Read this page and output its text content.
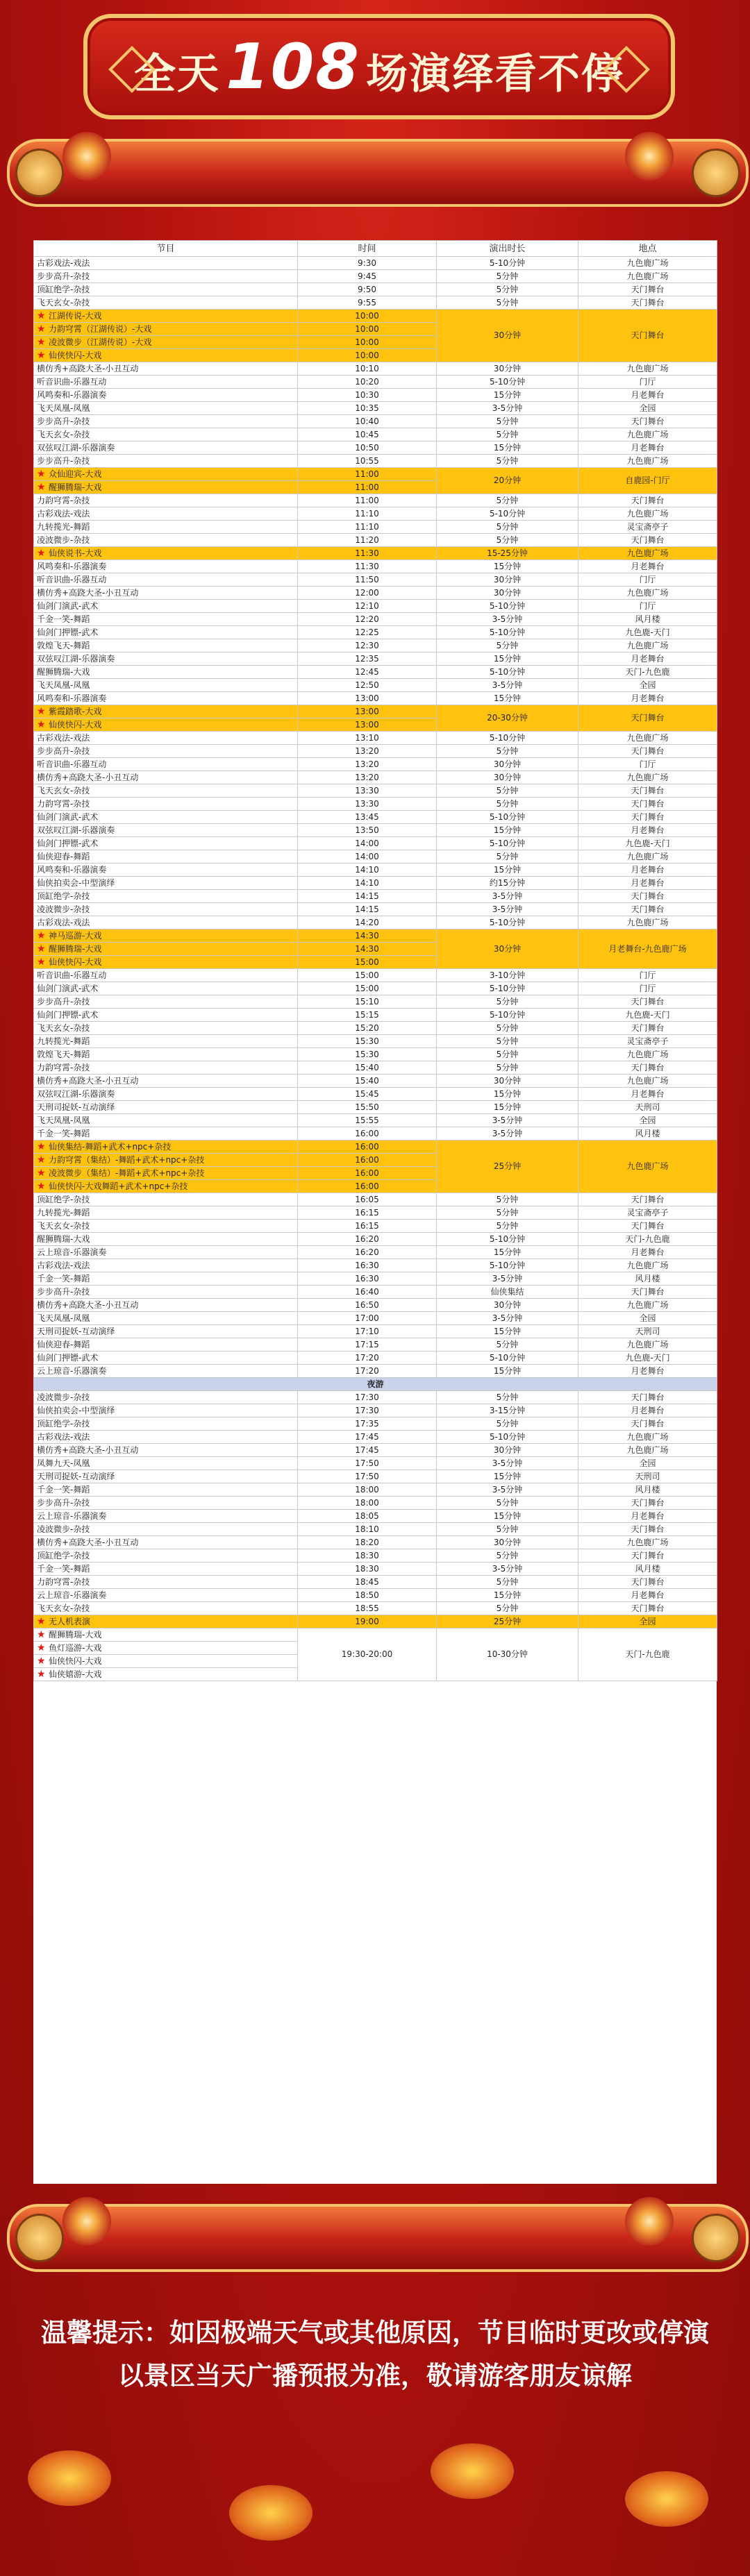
全天108 场演绎看不停
节目	时间	演出时长	地点
古彩戏法-戏法	9:30	5-10分钟	九色鹿广场
步步高升-杂技	9:45	5分钟	九色鹿广场
顶缸绝学-杂技	9:50	5分钟	天门舞台
飞天玄女-杂技	9:55	5分钟	天门舞台
★ 江湖传说-大戏	10:00	30分钟	天门舞台
★ 力韵穹霄（江湖传说）-大戏	10:00		
★ 凌波微步（江湖传说）-大戏	10:00		
★ 仙侠快闪-大戏	10:00		
横仿秀+高跷大圣-小丑互动	10:10	30分钟	九色鹿广场
听音识曲-乐器互动	10:20	5-10分钟	门厅
风鸣奏和-乐器演奏	10:30	15分钟	月老舞台
飞天凤凰-凤凰	10:35	3-5分钟	全园
步步高升-杂技	10:40	5分钟	天门舞台
飞天玄女-杂技	10:45	5分钟	九色鹿广场
双弦叹江湖-乐器演奏	10:50	15分钟	月老舞台
步步高升-杂技	10:55	5分钟	九色鹿广场
★ 众仙迎宾-大戏	11:00	20分钟	自鹿园-门厅
★ 醒狮腾瑞-大戏	11:00		
力韵穹霄-杂技	11:00	5分钟	天门舞台
古彩戏法-戏法	11:10	5-10分钟	九色鹿广场
九转揽光-舞蹈	11:10	5分钟	灵宝斋亭子
凌波微步-杂技	11:20	5分钟	天门舞台
★ 仙侠说书-大戏	11:30	15-25分钟	九色鹿广场
风鸣奏和-乐器演奏	11:30	15分钟	月老舞台
听音识曲-乐器互动	11:50	30分钟	门厅
横仿秀+高跷大圣-小丑互动	12:00	30分钟	九色鹿广场
仙剑门演武-武术	12:10	5-10分钟	门厅
千金一笑-舞蹈	12:20	3-5分钟	风月楼
仙剑门押镖-武术	12:25	5-10分钟	九色鹿-天门
敦煌飞天-舞蹈	12:30	5分钟	九色鹿广场
双弦叹江湖-乐器演奏	12:35	15分钟	月老舞台
醒狮腾瑞-大戏	12:45	5-10分钟	天门-九色鹿
飞天凤凰-凤凰	12:50	3-5分钟	全园
风鸣奏和-乐器演奏	13:00	15分钟	月老舞台
★ 紫霞踏歌-大戏	13:00	20-30分钟	天门舞台
★ 仙侠快闪-大戏	13:00		
古彩戏法-戏法	13:10	5-10分钟	九色鹿广场
步步高升-杂技	13:20	5分钟	天门舞台
听音识曲-乐器互动	13:20	30分钟	门厅
横仿秀+高跷大圣-小丑互动	13:20	30分钟	九色鹿广场
飞天玄女-杂技	13:30	5分钟	天门舞台
力韵穹霄-杂技	13:30	5分钟	天门舞台
仙剑门演武-武术	13:45	5-10分钟	天门舞台
双弦叹江湖-乐器演奏	13:50	15分钟	月老舞台
仙剑门押镖-武术	14:00	5-10分钟	九色鹿-天门
仙侠迎春-舞蹈	14:00	5分钟	九色鹿广场
风鸣奏和-乐器演奏	14:10	15分钟	月老舞台
仙侠拍卖会-中型演绎	14:10	约15分钟	月老舞台
顶缸绝学-杂技	14:15	3-5分钟	天门舞台
凌波微步-杂技	14:15	3-5分钟	天门舞台
古彩戏法-戏法	14:20	5-10分钟	九色鹿广场
★ 神马巡游-大戏	14:30	30分钟	月老舞台-九色鹿广场
★ 醒狮腾瑞-大戏	14:30		
★ 仙侠快闪-大戏	15:00		
听音识曲-乐器互动	15:00	3-10分钟	门厅
仙剑门演武-武术	15:00	5-10分钟	门厅
步步高升-杂技	15:10	5分钟	天门舞台
仙剑门押镖-武术	15:15	5-10分钟	九色鹿-天门
飞天玄女-杂技	15:20	5分钟	天门舞台
九转揽光-舞蹈	15:30	5分钟	灵宝斋亭子
敦煌飞天-舞蹈	15:30	5分钟	九色鹿广场
力韵穹霄-杂技	15:40	5分钟	天门舞台
横仿秀+高跷大圣-小丑互动	15:40	30分钟	九色鹿广场
双弦叹江湖-乐器演奏	15:45	15分钟	月老舞台
天刑司捉妖-互动演绎	15:50	15分钟	天刑司
飞天凤凰-凤凰	15:55	3-5分钟	全园
千金一笑-舞蹈	16:00	3-5分钟	风月楼
★ 仙侠集结-舞蹈+武术+npc+杂技	16:00	25分钟	九色鹿广场
★ 力韵穹霄（集结）-舞蹈+武术+npc+杂技	16:00		
★ 凌波微步（集结）-舞蹈+武术+npc+杂技	16:00		
★ 仙侠快闪-大戏舞蹈+武术+npc+杂技	16:00		
顶缸绝学-杂技	16:05	5分钟	天门舞台
九转揽光-舞蹈	16:15	5分钟	灵宝斋亭子
飞天玄女-杂技	16:15	5分钟	天门舞台
醒狮腾瑞-大戏	16:20	5-10分钟	天门-九色鹿
云上琼音-乐器演奏	16:20	15分钟	月老舞台
古彩戏法-戏法	16:30	5-10分钟	九色鹿广场
千金一笑-舞蹈	16:30	3-5分钟	风月楼
步步高升-杂技	16:40	仙侠集结	天门舞台
横仿秀+高跷大圣-小丑互动	16:50	30分钟	九色鹿广场
飞天凤凰-凤凰	17:00	3-5分钟	全园
天刑司捉妖-互动演绎	17:10	15分钟	天刑司
仙侠迎春-舞蹈	17:15	5分钟	九色鹿广场
仙剑门押镖-武术	17:20	5-10分钟	九色鹿-天门
云上琼音-乐器演奏	17:20	15分钟	月老舞台
夜游			
凌波微步-杂技	17:30	5分钟	天门舞台
仙侠拍卖会-中型演绎	17:30	3-15分钟	月老舞台
顶缸绝学-杂技	17:35	5分钟	天门舞台
古彩戏法-戏法	17:45	5-10分钟	九色鹿广场
横仿秀+高跷大圣-小丑互动	17:45	30分钟	九色鹿广场
凤舞九天-凤凰	17:50	3-5分钟	全园
天刑司捉妖-互动演绎	17:50	15分钟	天刑司
千金一笑-舞蹈	18:00	3-5分钟	风月楼
步步高升-杂技	18:00	5分钟	天门舞台
云上琼音-乐器演奏	18:05	15分钟	月老舞台
凌波微步-杂技	18:10	5分钟	天门舞台
横仿秀+高跷大圣-小丑互动	18:20	30分钟	九色鹿广场
顶缸绝学-杂技	18:30	5分钟	天门舞台
千金一笑-舞蹈	18:30	3-5分钟	风月楼
力韵穹霄-杂技	18:45	5分钟	天门舞台
云上琼音-乐器演奏	18:50	15分钟	月老舞台
飞天玄女-杂技	18:55	5分钟	天门舞台
★ 无人机表演	19:00	25分钟	全园
★ 醒狮腾瑞-大戏	19:30-20:00	10-30分钟	天门-九色鹿
★ 鱼灯巡游-大戏			
★ 仙侠快闪-大戏			
★ 仙侠嬉游-大戏			
温馨提示：如因极端天气或其他原因，节目临时更改或停演
以景区当天广播预报为准，敬请游客朋友谅解
